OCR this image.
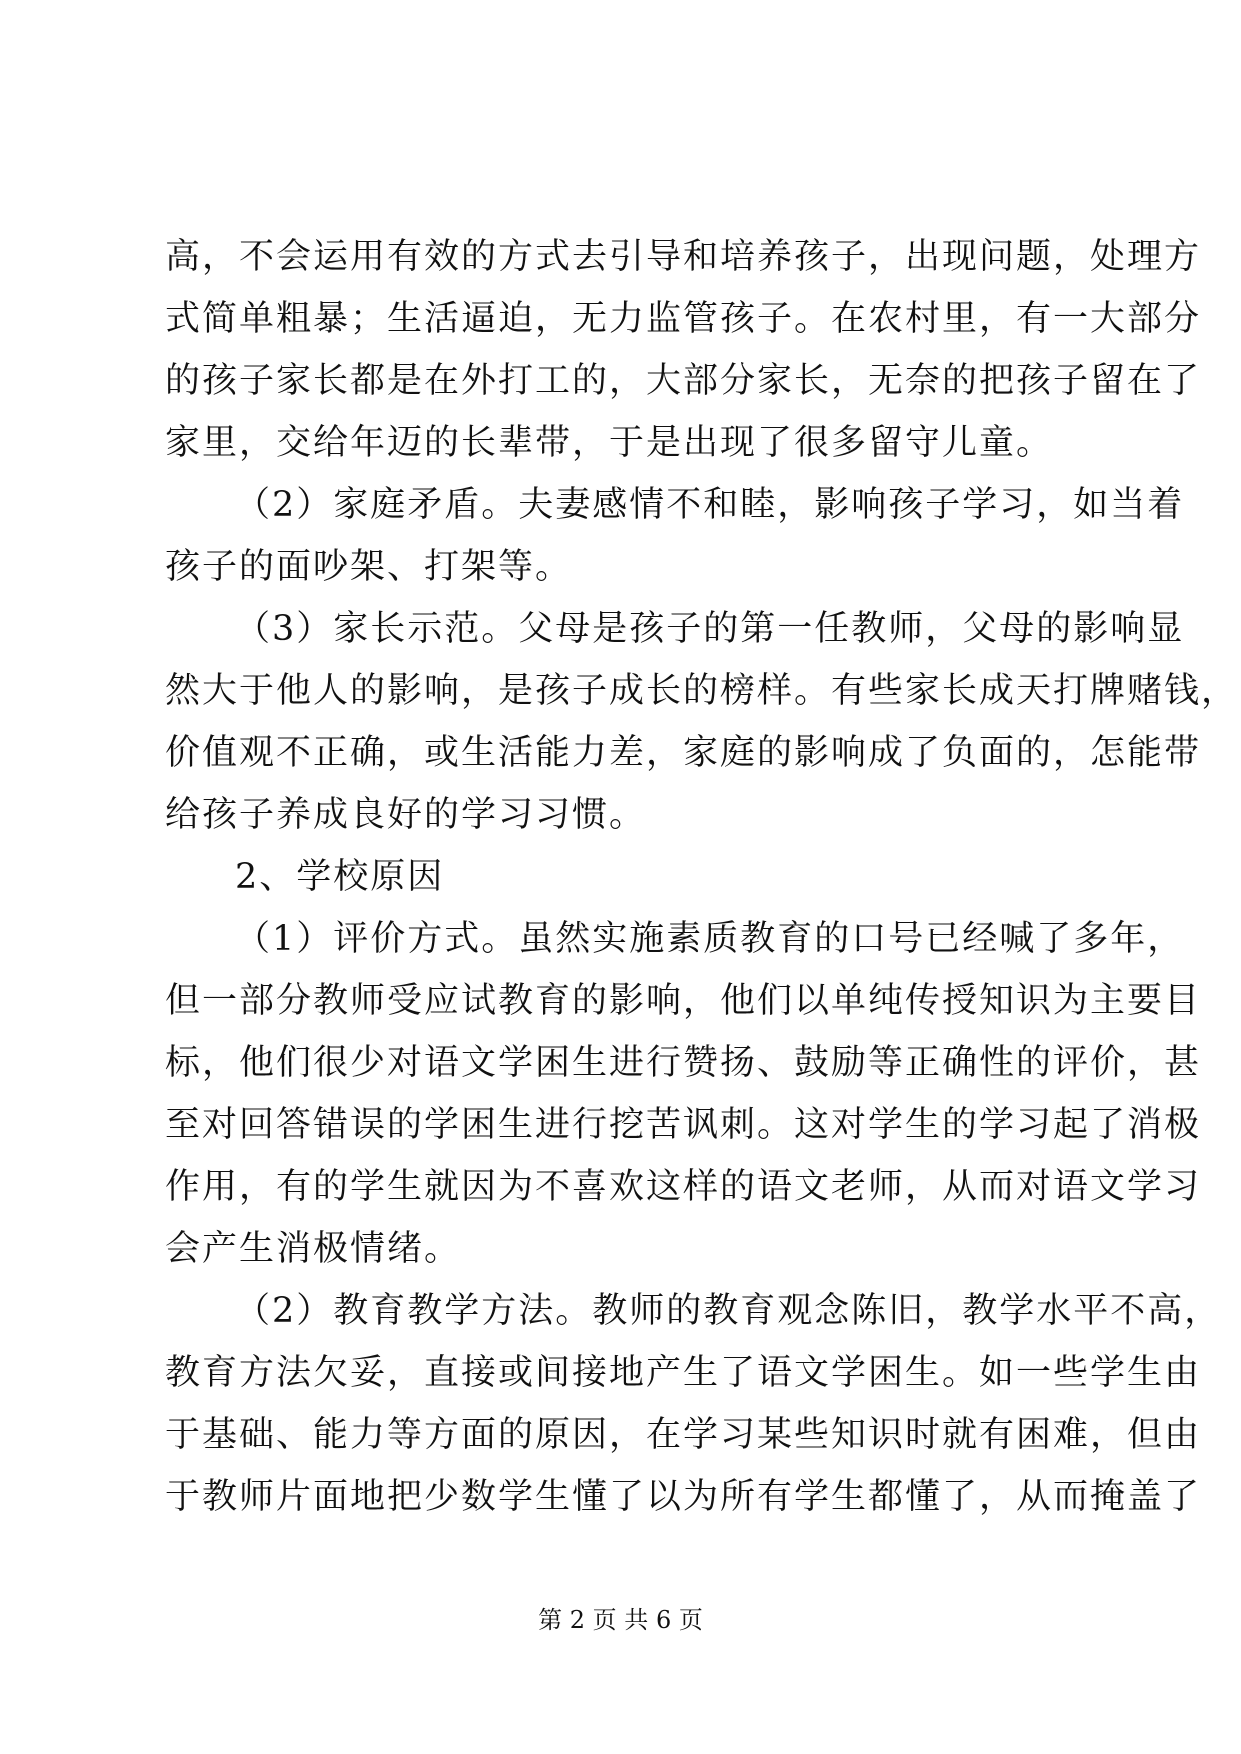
高，不会运用有效的方式去引导和培养孩子，出现问题，处理方
式简单粗暴；生活逼迫，无力监管孩子。在农村里，有一大部分
的孩子家长都是在外打工的，大部分家长，无奈的把孩子留在了
家里，交给年迈的长辈带，于是出现了很多留守儿童。
（2）家庭矛盾。夫妻感情不和睦，影响孩子学习，如当着
孩子的面吵架、打架等。
（3）家长示范。父母是孩子的第一任教师，父母的影响显
然大于他人的影响，是孩子成长的榜样。有些家长成天打牌赌钱，
价值观不正确，或生活能力差，家庭的影响成了负面的，怎能带
给孩子养成良好的学习习惯。
2、学校原因
（1）评价方式。虽然实施素质教育的口号已经喊了多年，
但一部分教师受应试教育的影响，他们以单纯传授知识为主要目
标，他们很少对语文学困生进行赞扬、鼓励等正确性的评价，甚
至对回答错误的学困生进行挖苦讽刺。这对学生的学习起了消极
作用，有的学生就因为不喜欢这样的语文老师，从而对语文学习
会产生消极情绪。
（2）教育教学方法。教师的教育观念陈旧，教学水平不高，
教育方法欠妥，直接或间接地产生了语文学困生。如一些学生由
于基础、能力等方面的原因，在学习某些知识时就有困难，但由
于教师片面地把少数学生懂了以为所有学生都懂了，从而掩盖了
第 2 页 共 6 页
